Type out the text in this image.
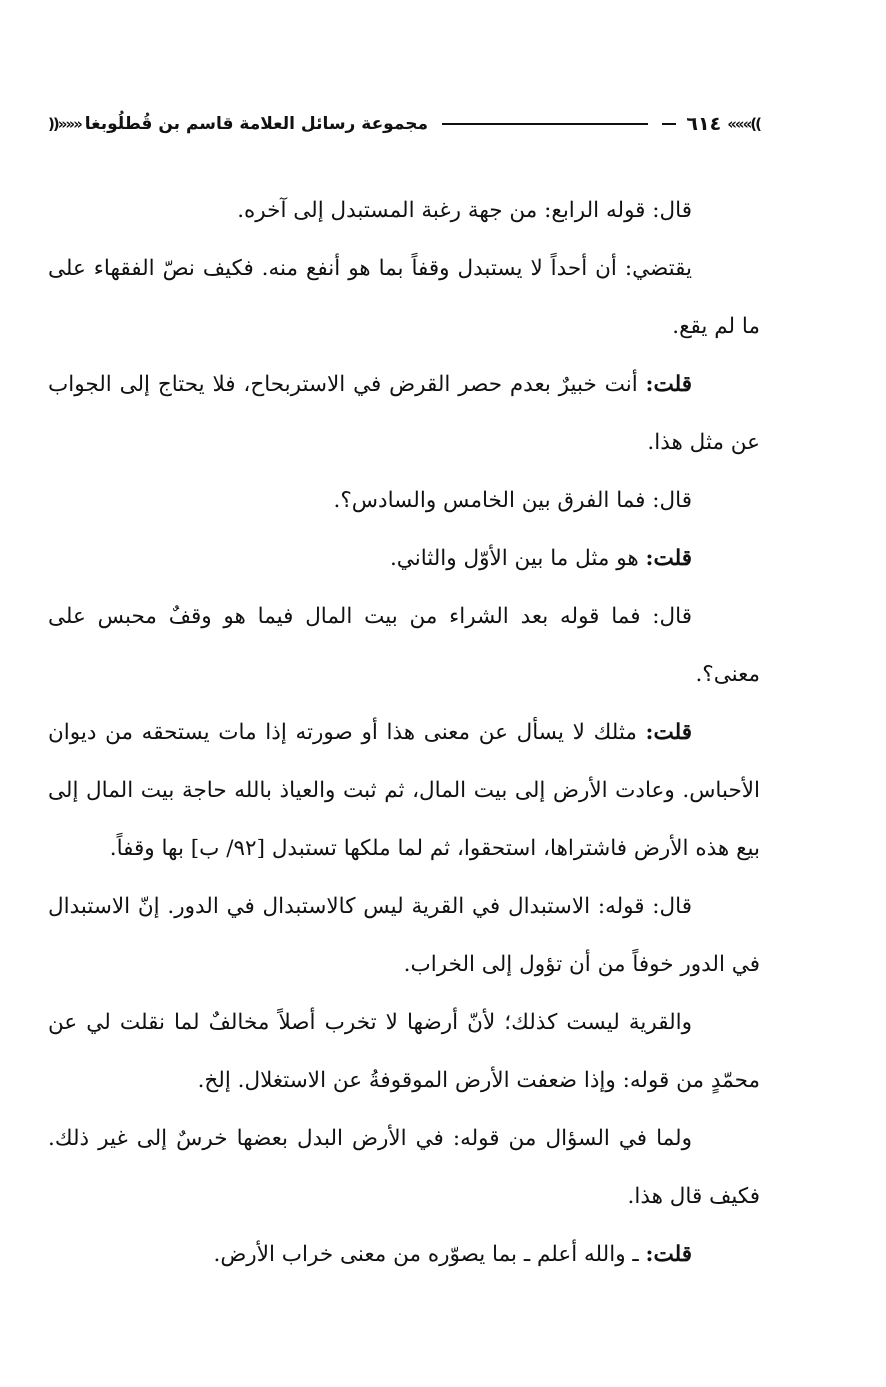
«««((
٦١٤
مجموعة رسائل العلامة قاسم بن قُطلُوبغا
))»»»

قال: قوله الرابع: من جهة رغبة المستبدل إلى آخره.

يقتضي: أن أحداً لا يستبدل وقفاً بما هو أنفع منه. فكيف نصّ الفقهاء على ما لم يقع.

قلت: أنت خبيرٌ بعدم حصر القرض في الاستربحاح، فلا يحتاج إلى الجواب عن مثل هذا.

قال: فما الفرق بين الخامس والسادس؟.

قلت: هو مثل ما بين الأوّل والثاني.

قال: فما قوله بعد الشراء من بيت المال فيما هو وقفٌ محبس على معنى؟.

قلت: مثلك لا يسأل عن معنى هذا أو صورته إذا مات يستحقه من ديوان الأحباس. وعادت الأرض إلى بيت المال، ثم ثبت والعياذ بالله حاجة بيت المال إلى بيع هذه الأرض فاشتراها، استحقوا، ثم لما ملكها تستبدل [٩٢/ ب] بها وقفاً.

قال: قوله: الاستبدال في القرية ليس كالاستبدال في الدور. إنّ الاستبدال في الدور خوفاً من أن تؤول إلى الخراب.

والقرية ليست كذلك؛ لأنّ أرضها لا تخرب أصلاً مخالفٌ لما نقلت لي عن محمّدٍ من قوله: وإذا ضعفت الأرض الموقوفةُ عن الاستغلال. إلخ.

ولما في السؤال من قوله: في الأرض البدل بعضها خرسٌ إلى غير ذلك. فكيف قال هذا.

قلت: ـ والله أعلم ـ بما يصوّره من معنى خراب الأرض.
